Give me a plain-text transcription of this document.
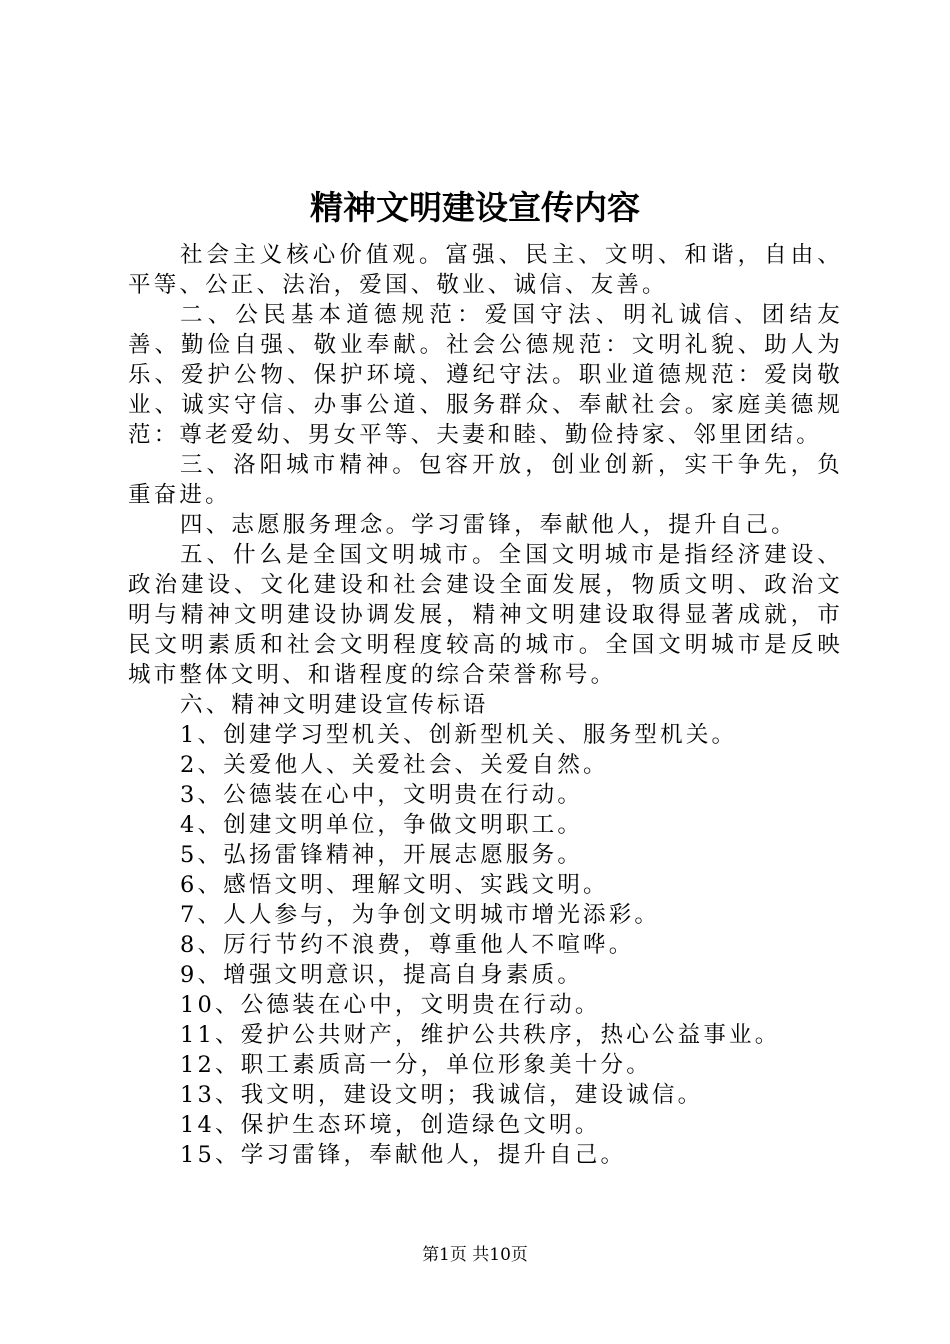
精神文明建设宣传内容

社会主义核心价值观。富强、民主、文明、和谐，自由、平等、公正、法治，爱国、敬业、诚信、友善。

二、公民基本道德规范：爱国守法、明礼诚信、团结友善、勤俭自强、敬业奉献。社会公德规范：文明礼貌、助人为乐、爱护公物、保护环境、遵纪守法。职业道德规范：爱岗敬业、诚实守信、办事公道、服务群众、奉献社会。家庭美德规范：尊老爱幼、男女平等、夫妻和睦、勤俭持家、邻里团结。

三、洛阳城市精神。包容开放，创业创新，实干争先，负重奋进。

四、志愿服务理念。学习雷锋，奉献他人，提升自己。

五、什么是全国文明城市。全国文明城市是指经济建设、政治建设、文化建设和社会建设全面发展，物质文明、政治文明与精神文明建设协调发展，精神文明建设取得显著成就，市民文明素质和社会文明程度较高的城市。全国文明城市是反映城市整体文明、和谐程度的综合荣誉称号。

六、精神文明建设宣传标语

1、创建学习型机关、创新型机关、服务型机关。

2、关爱他人、关爱社会、关爱自然。

3、公德装在心中，文明贵在行动。

4、创建文明单位，争做文明职工。

5、弘扬雷锋精神，开展志愿服务。

6、感悟文明、理解文明、实践文明。

7、人人参与，为争创文明城市增光添彩。

8、厉行节约不浪费，尊重他人不喧哗。

9、增强文明意识，提高自身素质。

10、公德装在心中，文明贵在行动。

11、爱护公共财产，维护公共秩序，热心公益事业。

12、职工素质高一分，单位形象美十分。

13、我文明，建设文明；我诚信，建设诚信。

14、保护生态环境，创造绿色文明。

15、学习雷锋，奉献他人，提升自己。

第1页 共10页
